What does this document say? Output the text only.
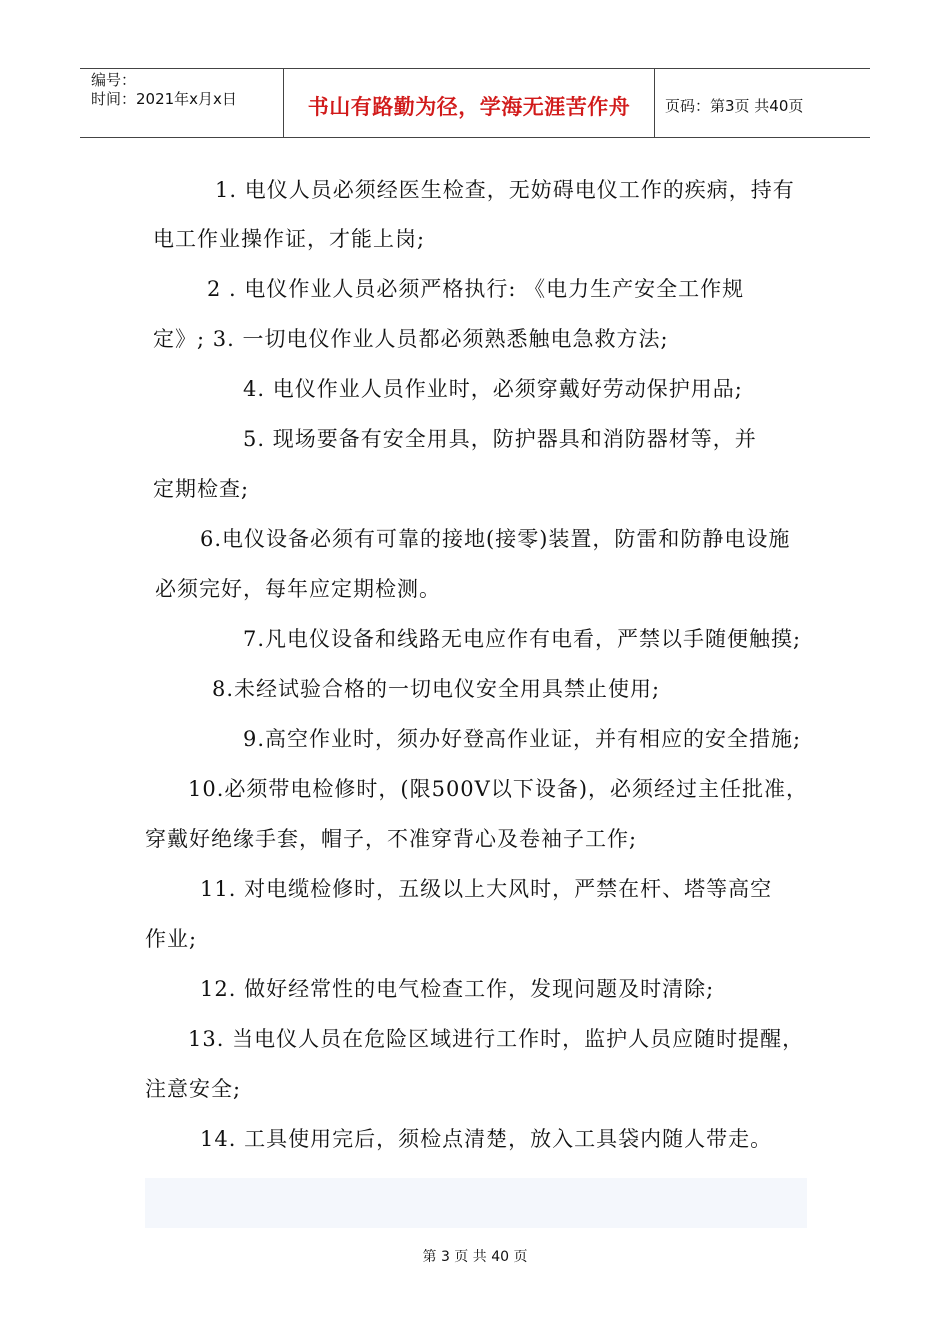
编号：
时间：2021年x月x日	书山有路勤为径，学海无涯苦作舟	页码：第3页 共40页
1. 电仪人员必须经医生检查，无妨碍电仪工作的疾病，持有
电工作业操作证，才能上岗;
2 . 电仪作业人员必须严格执行: 《电力生产安全工作规
定》; 3. 一切电仪作业人员都必须熟悉触电急救方法;
4. 电仪作业人员作业时，必须穿戴好劳动保护用品;
5. 现场要备有安全用具，防护器具和消防器材等，并
定期检查;
6.电仪设备必须有可靠的接地(接零)装置，防雷和防静电设施
必须完好，每年应定期检测。
7.凡电仪设备和线路无电应作有电看，严禁以手随便触摸;
8.未经试验合格的一切电仪安全用具禁止使用;
9.高空作业时，须办好登高作业证，并有相应的安全措施;
10.必须带电检修时，(限500V以下设备)，必须经过主任批准，
穿戴好绝缘手套，帽子，不准穿背心及卷袖子工作;
11. 对电缆检修时，五级以上大风时，严禁在杆、塔等高空
作业;
12. 做好经常性的电气检查工作，发现问题及时清除;
13. 当电仪人员在危险区域进行工作时，监护人员应随时提醒，
注意安全;
14. 工具使用完后，须检点清楚，放入工具袋内随人带走。
第 3 页 共 40 页
